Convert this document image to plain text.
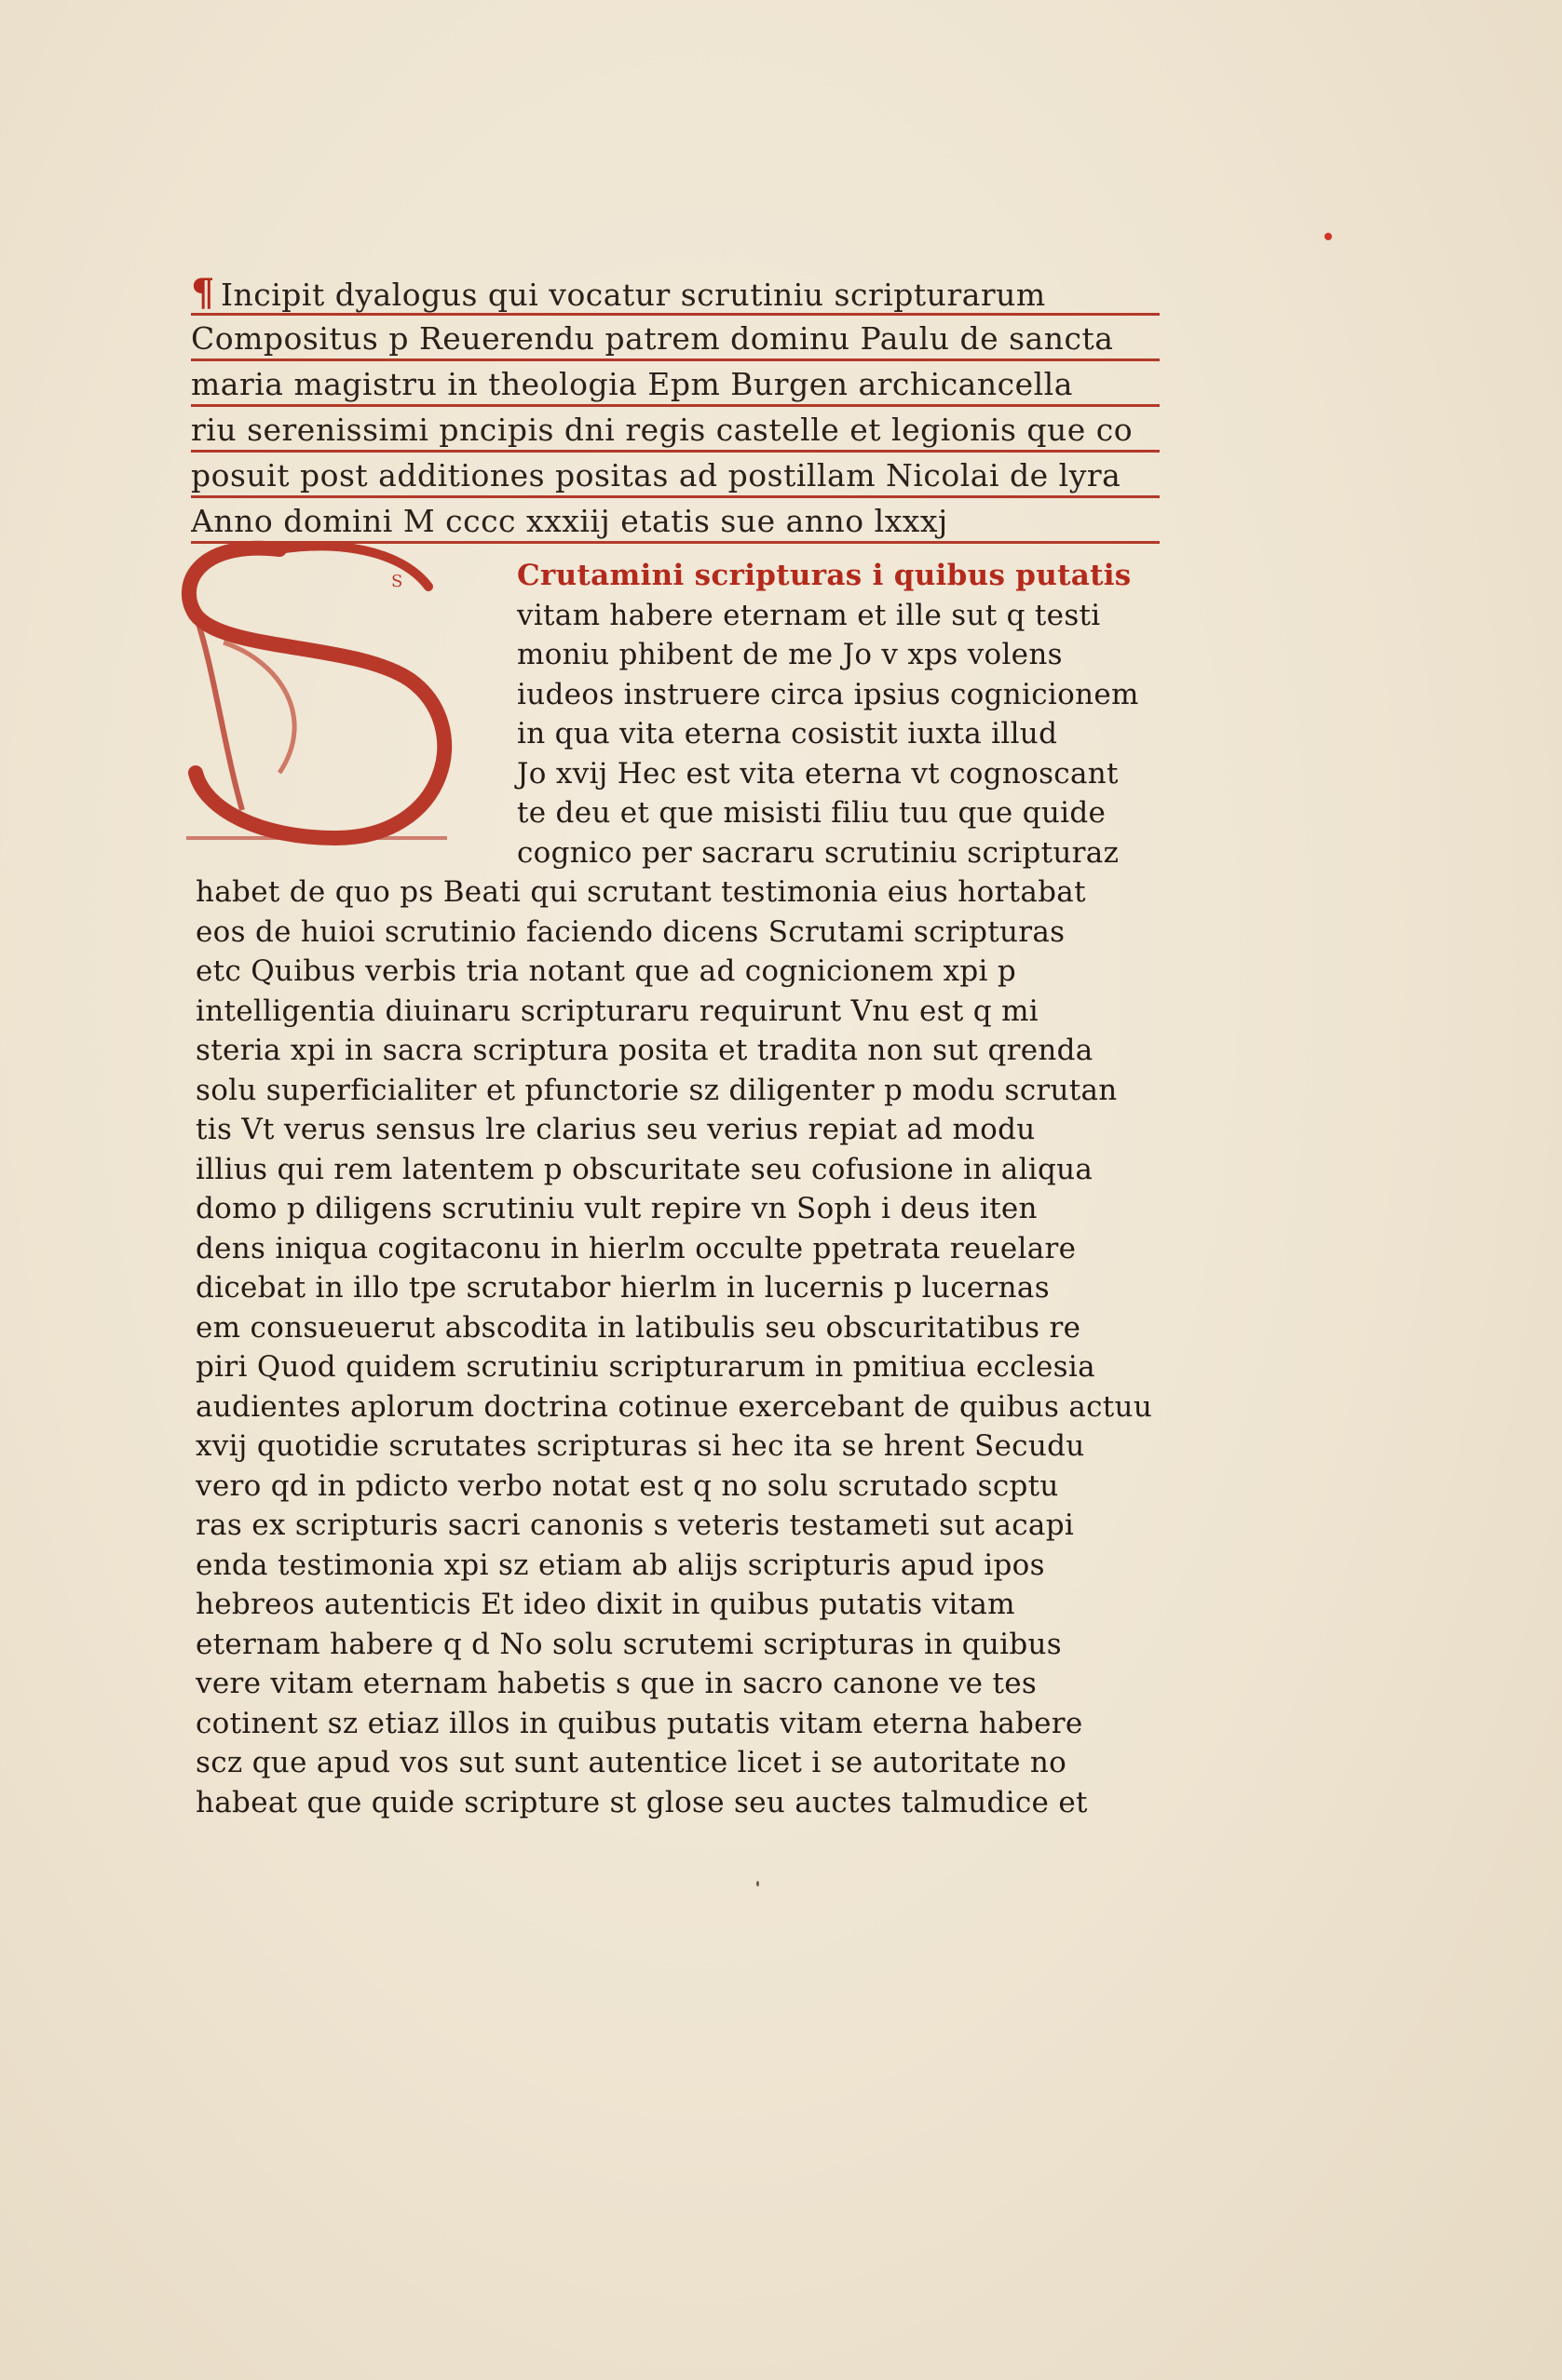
¶ Incipit dyalogus qui vocatur scrutiniu scripturarum
Compositus p Reuerendu patrem dominu Paulu de sancta
maria magistru in theologia Epm Burgen archicancella
riu serenissimi pncipis dni regis castelle et legionis que co
posuit post additiones positas ad postillam Nicolai de lyra
Anno domini M cccc xxxiij etatis sue anno lxxxj
S	Crutamini scripturas i quibus putatis
vitam habere eternam et ille sut q testi
moniu phibent de me Jo v xps volens
iudeos instruere circa ipsius cognicionem
in qua vita eterna cosistit iuxta illud
Jo xvij Hec est vita eterna vt cognoscant
te deu et que misisti filiu tuu que quide
cognico per sacraru scrutiniu scripturaz
habet de quo ps Beati qui scrutant testimonia eius hortabat
eos de huioi scrutinio faciendo dicens Scrutami scripturas
etc Quibus verbis tria notant que ad cognicionem xpi p
intelligentia diuinaru scripturaru requirunt Vnu est q mi
steria xpi in sacra scriptura posita et tradita non sut qrenda
solu superficialiter et pfunctorie sz diligenter p modu scrutan
tis Vt verus sensus lre clarius seu verius repiat ad modu
illius qui rem latentem p obscuritate seu cofusione in aliqua
domo p diligens scrutiniu vult repire vn Soph i deus iten
dens iniqua cogitaconu in hierlm occulte ppetrata reuelare
dicebat in illo tpe scrutabor hierlm in lucernis p lucernas
em consueuerut abscodita in latibulis seu obscuritatibus re
piri Quod quidem scrutiniu scripturarum in pmitiua ecclesia
audientes aplorum doctrina cotinue exercebant de quibus actuu
xvij quotidie scrutates scripturas si hec ita se hrent Secudu
vero qd in pdicto verbo notat est q no solu scrutado scptu
ras ex scripturis sacri canonis s veteris testameti sut acapi
enda testimonia xpi sz etiam ab alijs scripturis apud ipos
hebreos autenticis Et ideo dixit in quibus putatis vitam
eternam habere q d No solu scrutemi scripturas in quibus
vere vitam eternam habetis s que in sacro canone ve tes
cotinent sz etiaz illos in quibus putatis vitam eterna habere
scz que apud vos sut sunt autentice licet i se autoritate no
habeat que quide scripture st glose seu auctes talmudice et
